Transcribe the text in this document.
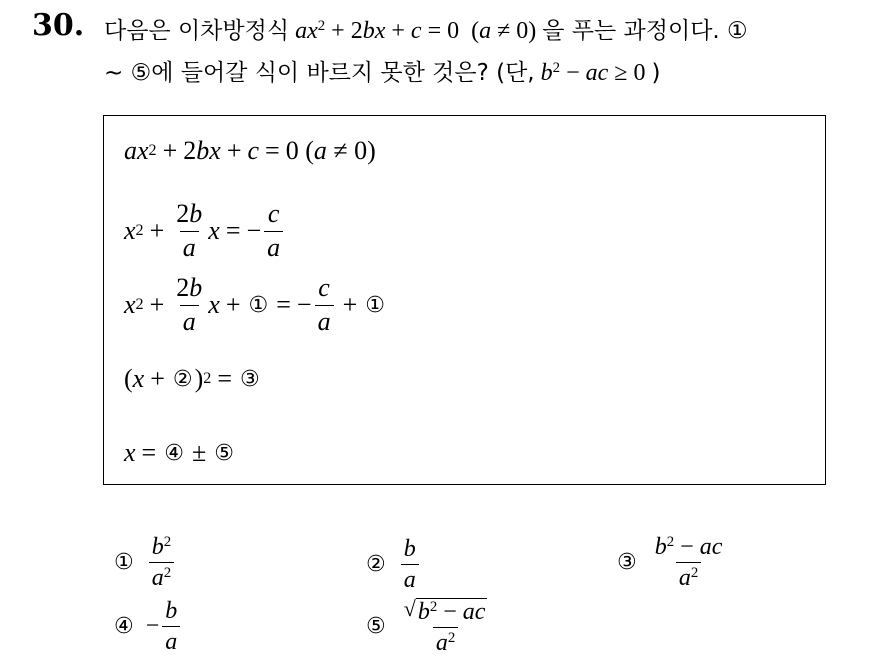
30. 다음은 이차방정식 $ax^2 + 2bx + c = 0$  (a ≠ 0) 을 푸는 과정이다. ①
~ ⑤에 들어갈 식이 바르지 못한 것은? (단, $b^2$ − ac ≥ 0 )
ax 2 + 2 bx + c = 0 ( a ≠ 0)
x $2 + \frac{2b}{a}$ x = − $\frac{c}{a}$
x $2 + \frac{2b}{a}$ x + ① = − $\frac{c}{a}$ + ①
( x + ② ) 2 = ③
x = ④ ± ⑤
① $\frac{b^2}{a^2}$	② $\frac{b}{a}$	③ $\frac{b^2 - ac}{a^2}$
④ − $\frac{b}{a}$	⑤ $\frac{√ b^2 - ac}{a^2}$
